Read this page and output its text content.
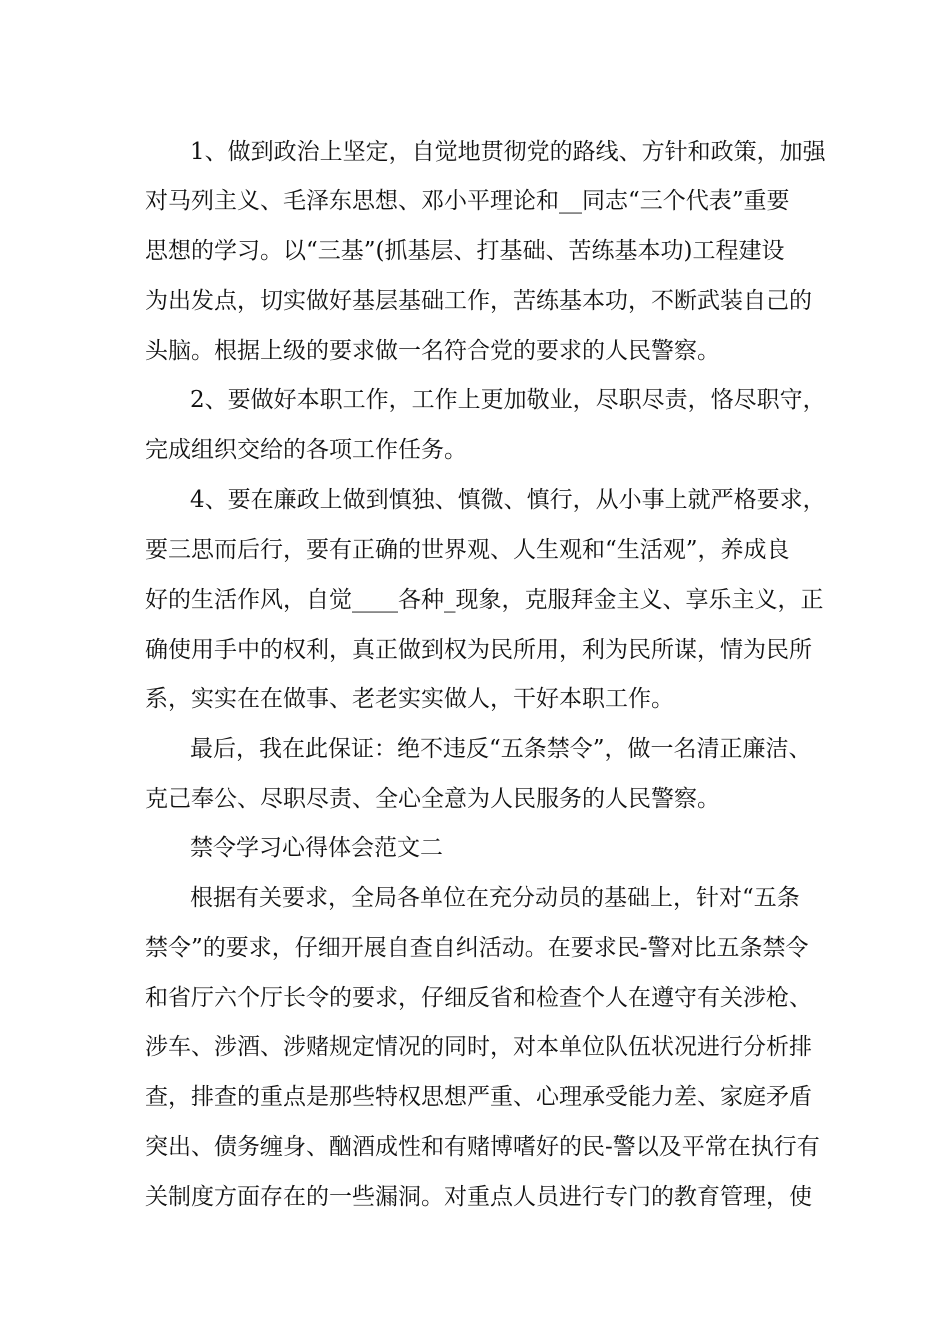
1、做到政治上坚定，自觉地贯彻党的路线、方针和政策，加强
对马列主义、毛泽东思想、邓小平理论和__同志“三个代表”重要
思想的学习。以“三基”(抓基层、打基础、苦练基本功)工程建设
为出发点，切实做好基层基础工作，苦练基本功，不断武装自己的
头脑。根据上级的要求做一名符合党的要求的人民警察。
2、要做好本职工作，工作上更加敬业，尽职尽责，恪尽职守，
完成组织交给的各项工作任务。
4、要在廉政上做到慎独、慎微、慎行，从小事上就严格要求，
要三思而后行，要有正确的世界观、人生观和“生活观”，养成良
好的生活作风，自觉____各种_现象，克服拜金主义、享乐主义，正
确使用手中的权利，真正做到权为民所用，利为民所谋，情为民所
系，实实在在做事、老老实实做人，干好本职工作。
最后，我在此保证：绝不违反“五条禁令”，做一名清正廉洁、
克己奉公、尽职尽责、全心全意为人民服务的人民警察。
禁令学习心得体会范文二
根据有关要求，全局各单位在充分动员的基础上，针对“五条
禁令”的要求，仔细开展自查自纠活动。在要求民-警对比五条禁令
和省厅六个厅长令的要求，仔细反省和检查个人在遵守有关涉枪、
涉车、涉酒、涉赌规定情况的同时，对本单位队伍状况进行分析排
查，排查的重点是那些特权思想严重、心理承受能力差、家庭矛盾
突出、债务缠身、酗酒成性和有赌博嗜好的民-警以及平常在执行有
关制度方面存在的一些漏洞。对重点人员进行专门的教育管理，使
